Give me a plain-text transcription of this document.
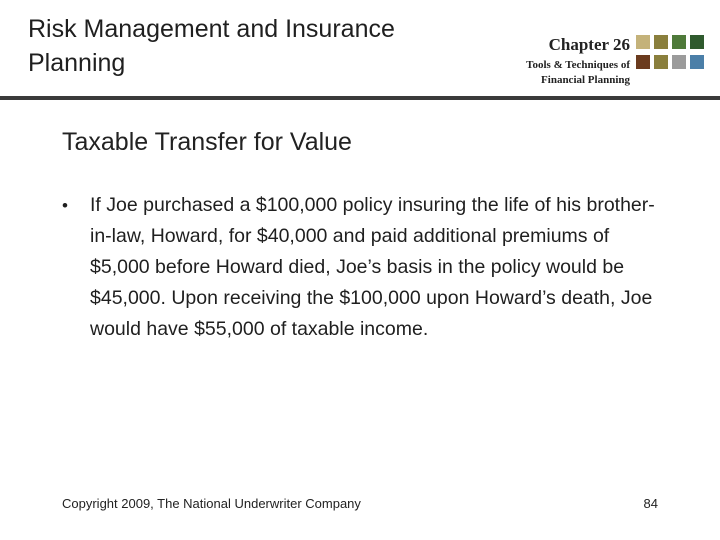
Risk Management and Insurance Planning
Chapter 26
Tools & Techniques of
Financial Planning
Taxable Transfer for Value
•	If Joe purchased a $100,000 policy insuring the life of his brother-in-law, Howard, for $40,000 and paid additional premiums of $5,000 before Howard died, Joe’s basis in the policy would be $45,000. Upon receiving the $100,000 upon Howard’s death, Joe would have $55,000 of taxable income.
Copyright 2009, The National Underwriter Company	84
